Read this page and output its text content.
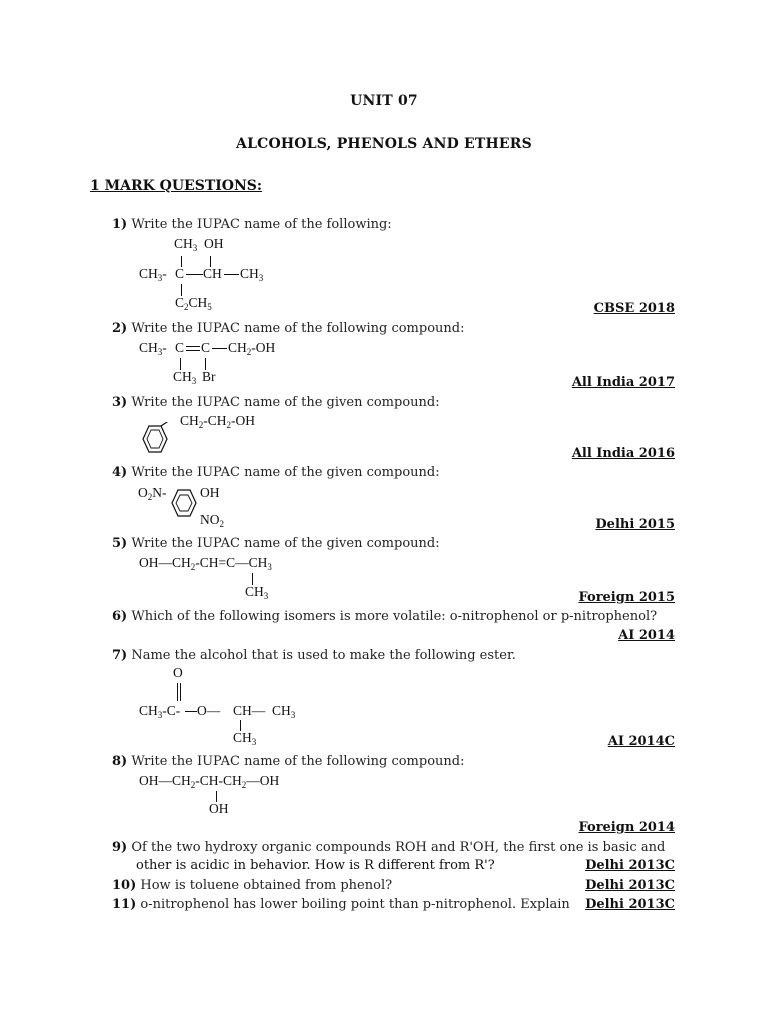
UNIT 07
ALCOHOLS, PHENOLS AND ETHERS
1 MARK QUESTIONS:
1) Write the IUPAC name of the following:
$CH_3$ OH
$CH_3-$ C CH $CH_3$
$C_2CH_5$	CBSE 2018
2) Write the IUPAC name of the following compound:
$CH_3-$ C C $CH_2-OH$
$CH_3$ Br	All India 2017
3) Write the IUPAC name of the given compound:
$CH_2-CH_2-OH$
All India 2016
4) Write the IUPAC name of the given compound:
$O_2N-$ OH
$NO_2$	Delhi 2015
5) Write the IUPAC name of the given compound:
$OH—CH_2-CH=C—CH_3$
$CH_3$	Foreign 2015
6) Which of the following isomers is more volatile: o-nitrophenol or p-nitrophenol?
AI 2014
7) Name the alcohol that is used to make the following ester.
O
$CH_3-C-$ O— CH— $CH_3$
$CH_3$	AI 2014C
8) Write the IUPAC name of the following compound:
$OH—CH_2-CH-CH_2—OH$
OH
Foreign 2014
9) Of the two hydroxy organic compounds ROH and R'OH, the first one is basic and
other is acidic in behavior. How is R different from R'?	Delhi 2013C
10) How is toluene obtained from phenol?	Delhi 2013C
11) o-nitrophenol has lower boiling point than p-nitrophenol. Explain Delhi 2013C
